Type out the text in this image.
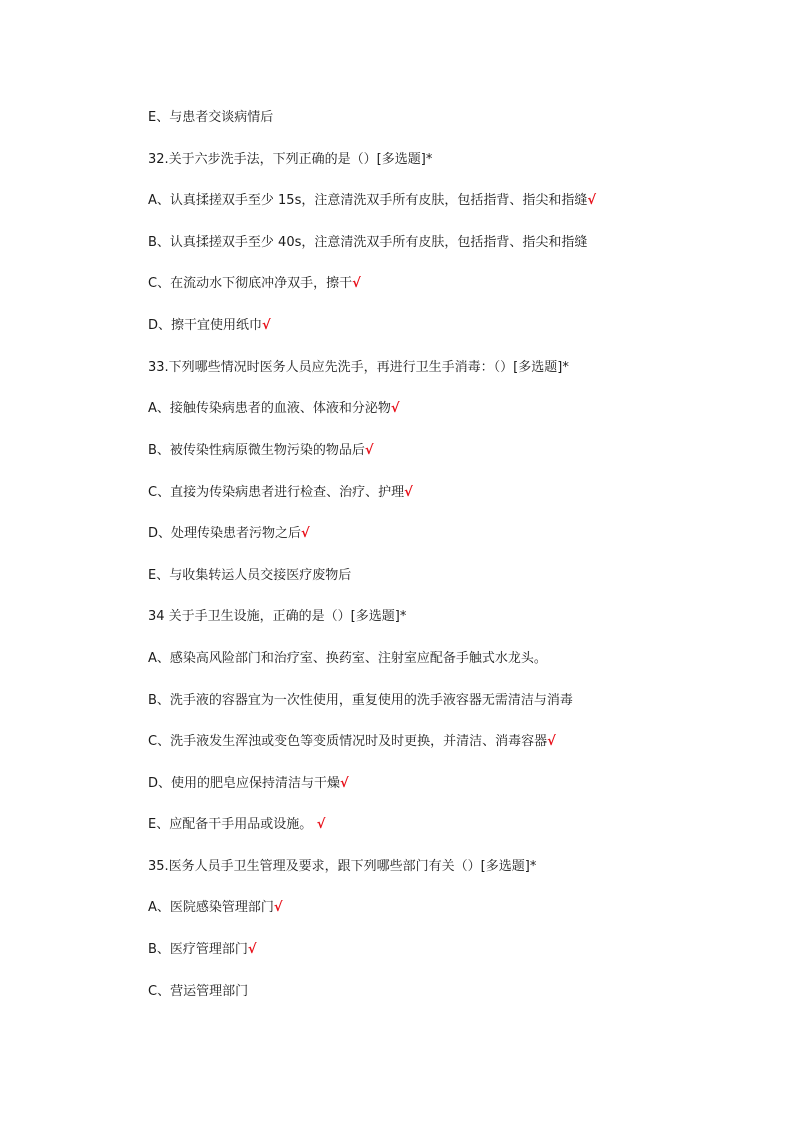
E、与患者交谈病情后
32.关于六步洗手法，下列正确的是（）[多选题]*
A、认真揉搓双手至少 15s，注意清洗双手所有皮肤，包括指背、指尖和指缝√
B、认真揉搓双手至少 40s，注意清洗双手所有皮肤，包括指背、指尖和指缝
C、在流动水下彻底冲净双手，擦干√
D、擦干宜使用纸巾√
33.下列哪些情况时医务人员应先洗手，再进行卫生手消毒：（）[多选题]*
A、接触传染病患者的血液、体液和分泌物√
B、被传染性病原微生物污染的物品后√
C、直接为传染病患者进行检查、治疗、护理√
D、处理传染患者污物之后√
E、与收集转运人员交接医疗废物后
34 关于手卫生设施，正确的是（）[多选题]*
A、感染高风险部门和治疗室、换药室、注射室应配备手触式水龙头。
B、洗手液的容器宜为一次性使用，重复使用的洗手液容器无需清洁与消毒
C、洗手液发生浑浊或变色等变质情况时及时更换，并清洁、消毒容器√
D、使用的肥皂应保持清洁与干燥√
E、应配备干手用品或设施。 √
35.医务人员手卫生管理及要求，跟下列哪些部门有关（）[多选题]*
A、医院感染管理部门√
B、医疗管理部门√
C、营运管理部门
